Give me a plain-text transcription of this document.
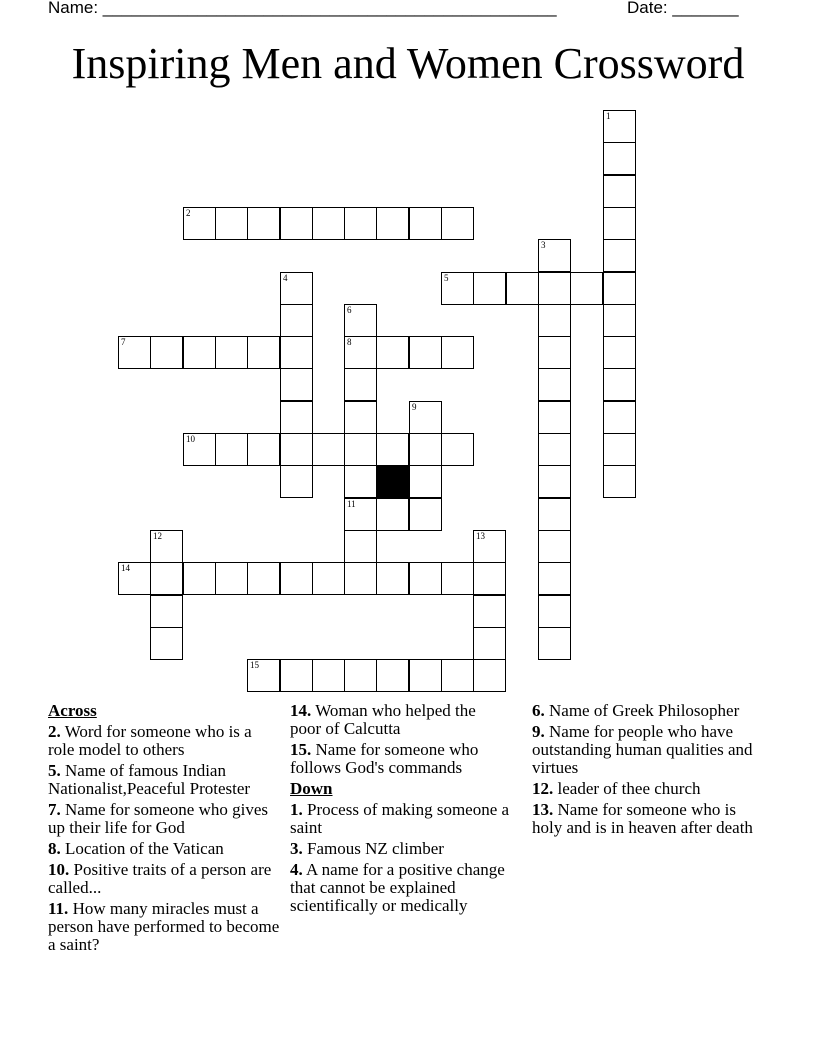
Name: ________________________________________________	Date: _______
Inspiring Men and Women Crossword
1
2
3
4	5
6
8
11
7
9
10
12	13
14
15
Across
2. Word for someone who is a role model to others
5. Name of famous Indian Nationalist,Peaceful Protester
7. Name for someone who gives up their life for God
8. Location of the Vatican
10. Positive traits of a person are called...
11. How many miracles must a person have performed to become a saint?
14. Woman who helped the poor of Calcutta
15. Name for someone who follows God's commands
Down
1. Process of making someone a saint
3. Famous NZ climber
4. A name for a positive change that cannot be explained scientifically or medically
6. Name of Greek Philosopher
9. Name for people who have outstanding human qualities and virtues
12. leader of thee church
13. Name for someone who is holy and is in heaven after death
